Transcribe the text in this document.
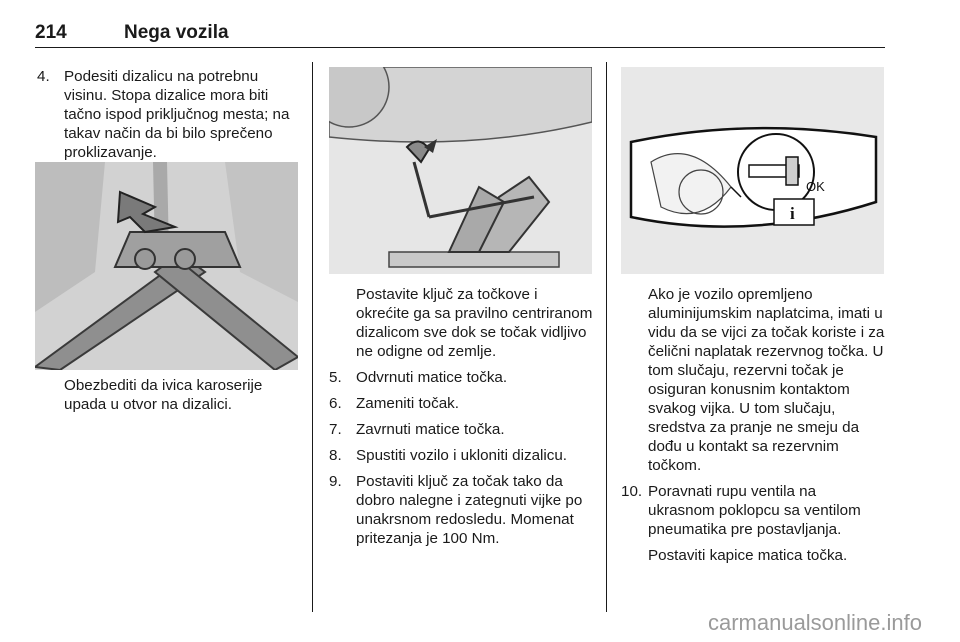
214	Nega vozila
4. Podesiti dizalicu na potrebnu visinu. Stopa dizalice mora biti tačno ispod priključnog mesta; na takav način da bi bilo sprečeno proklizavanje.

Obezbediti da ivica karoserije upada u otvor na dizalici.

Postavite ključ za točkove i okrećite ga sa pravilno centriranom dizalicom sve dok se točak vidljivo ne odigne od zemlje.

5. Odvrnuti matice točka.

6. Zameniti točak.

7. Zavrnuti matice točka.

8. Spustiti vozilo i ukloniti dizalicu.

9. Postaviti ključ za točak tako da dobro nalegne i zategnuti vijke po unakrsnom redosledu. Momenat pritezanja je 100 Nm.

OK
i

Ako je vozilo opremljeno aluminijumskim naplatcima, imati u vidu da se vijci za točak koriste i za čelični naplatak rezervnog točka. U tom slučaju, rezervni točak je osiguran konusnim kontaktom svakog vijka. U tom slučaju, sredstva za pranje ne smeju da dođu u kontakt sa rezervnim točkom.

10. Poravnati rupu ventila na ukrasnom poklopcu sa ventilom pneumatika pre postavljanja.

Postaviti kapice matica točka.

carmanualsonline.info
